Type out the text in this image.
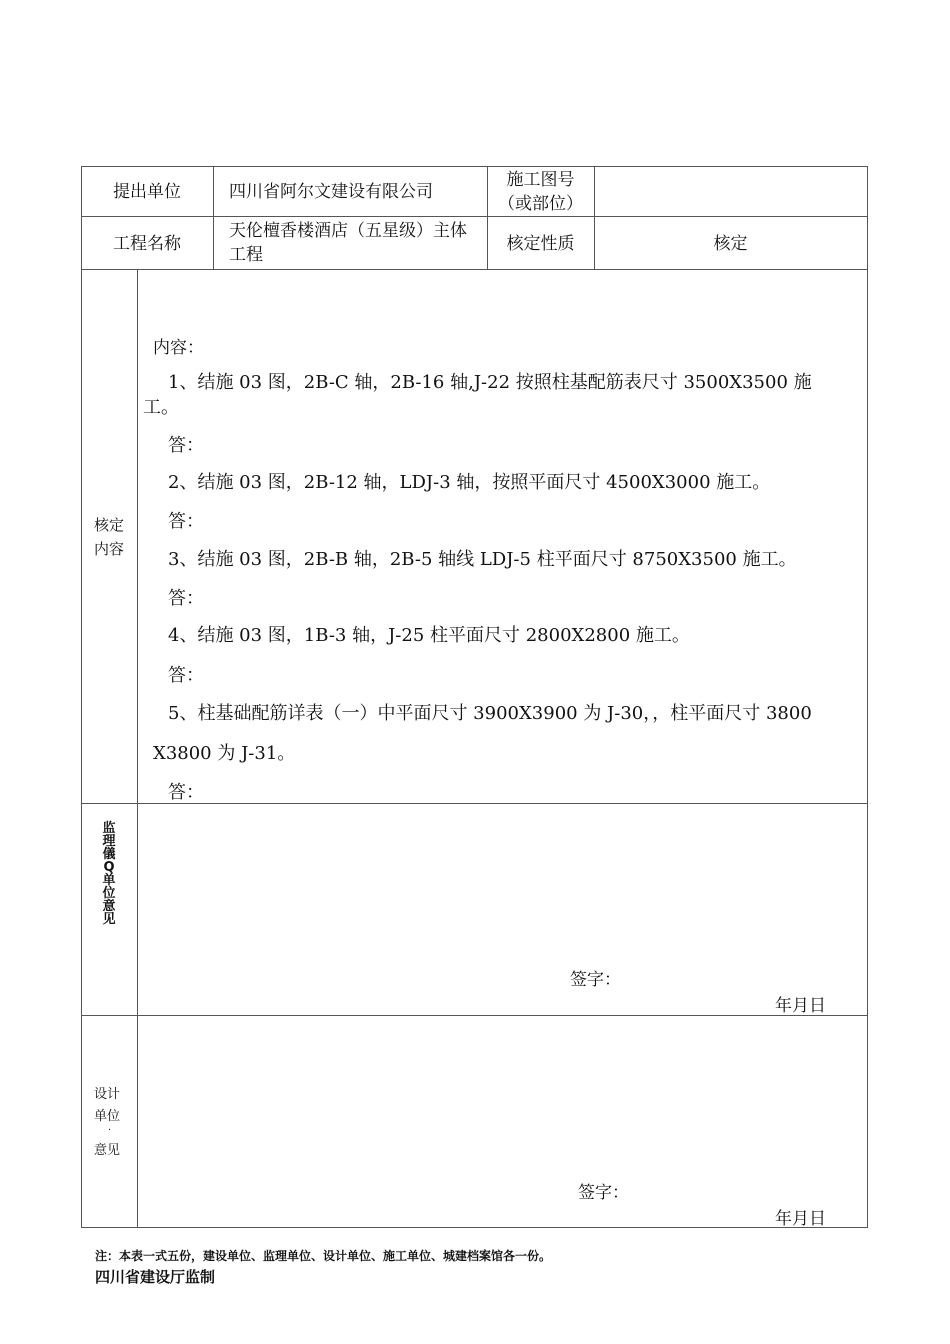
提出单位	四川省阿尔文建设有限公司
施工图号
（或部位）
工程名称
天伦檀香楼酒店（五星级）主体
工程
核定性质	核定
核定
内容
内容：
1、结施 03 图，2B-C 轴，2B-16 轴,J-22 按照柱基配筋表尺寸 3500X3500 施
工。
答：
2、结施 03 图，2B-12 轴，LDJ-3 轴，按照平面尺寸 4500X3000 施工。
答：
3、结施 03 图，2B-B 轴，2B-5 轴线 LDJ-5 柱平面尺寸 8750X3500 施工。
答：
4、结施 03 图，1B-3 轴，J-25 柱平面尺寸 2800X2800 施工。
答：
5、柱基础配筋详表（一）中平面尺寸 3900X3900 为 J-30，，柱平面尺寸 3800
X3800 为 J-31。
答：
监
理
儀
Q
单
位
意
见
签字：
年月日
设计
单位
·
意见
签字：
年月日
注：本表一式五份，建设单位、监理单位、设计单位、施工单位、城建档案馆各一份。
四川省建设厅监制
